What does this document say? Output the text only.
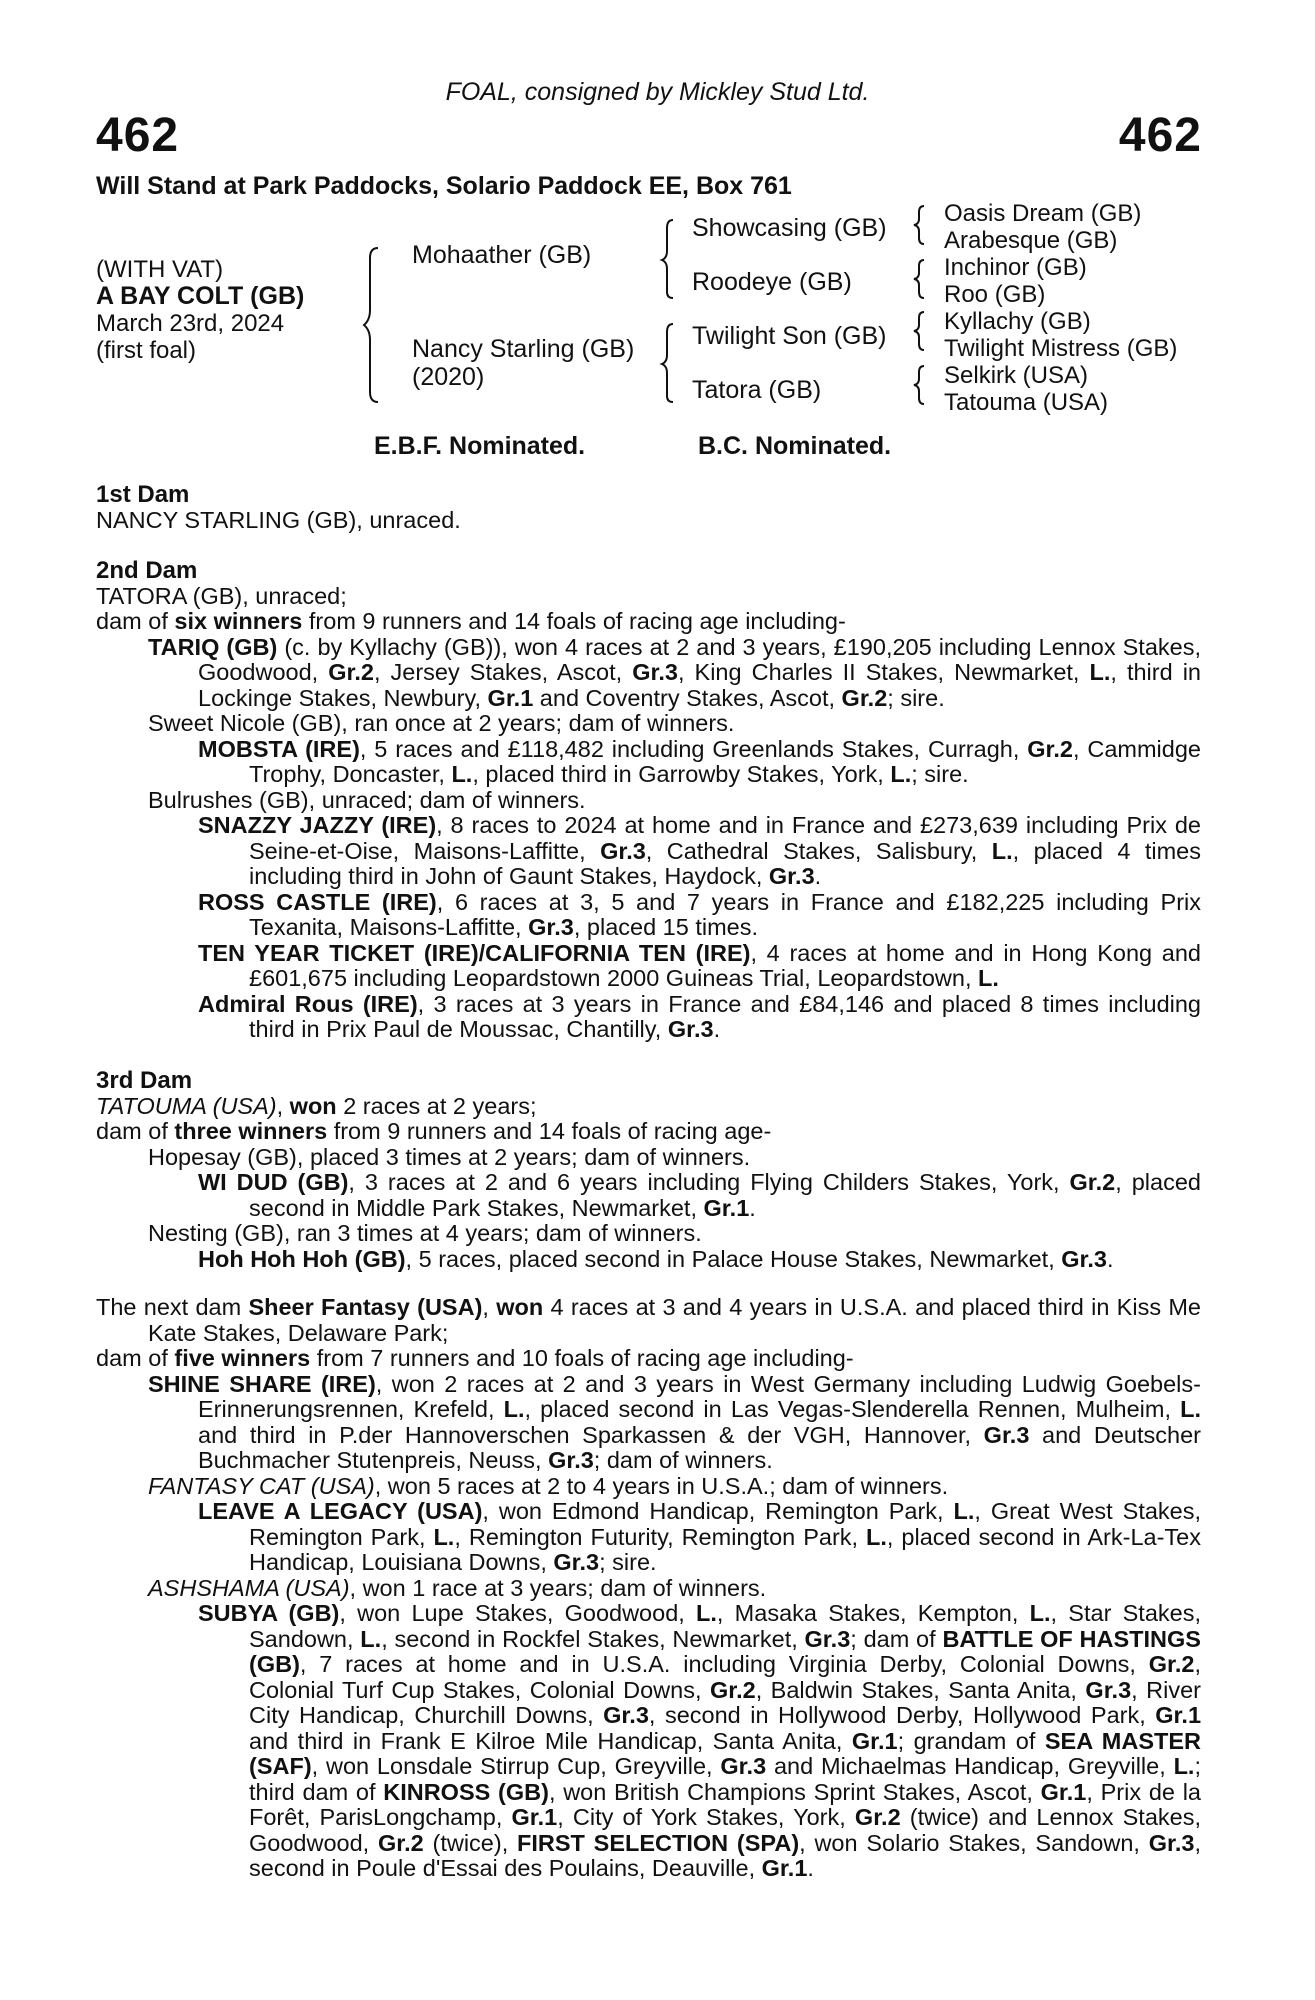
FOAL, consigned by Mickley Stud Ltd.
462	462
Will Stand at Park Paddocks, Solario Paddock EE, Box 761
(WITH VAT)
A BAY COLT (GB)
March 23rd, 2024
(first foal)
Mohaather (GB)
Nancy Starling (GB)
(2020)
Showcasing (GB)
Roodeye (GB)
Twilight Son (GB)
Tatora (GB)
Oasis Dream (GB)
Arabesque (GB)
Inchinor (GB)
Roo (GB)
Kyllachy (GB)
Twilight Mistress (GB)
Selkirk (USA)
Tatouma (USA)
E.B.F. Nominated.	B.C. Nominated.
1st Dam
NANCY STARLING (GB), unraced.
2nd Dam
TATORA (GB), unraced;
dam of six winners from 9 runners and 14 foals of racing age including-
TARIQ (GB) (c. by Kyllachy (GB)), won 4 races at 2 and 3 years, £190,205 including Lennox Stakes, Goodwood, Gr.2, Jersey Stakes, Ascot, Gr.3, King Charles II Stakes, Newmarket, L., third in Lockinge Stakes, Newbury, Gr.1 and Coventry Stakes, Ascot, Gr.2; sire.
Sweet Nicole (GB), ran once at 2 years; dam of winners.
MOBSTA (IRE), 5 races and £118,482 including Greenlands Stakes, Curragh, Gr.2, Cammidge Trophy, Doncaster, L., placed third in Garrowby Stakes, York, L.; sire.
Bulrushes (GB), unraced; dam of winners.
SNAZZY JAZZY (IRE), 8 races to 2024 at home and in France and £273,639 including Prix de Seine-et-Oise, Maisons-Laffitte, Gr.3, Cathedral Stakes, Salisbury, L., placed 4 times including third in John of Gaunt Stakes, Haydock, Gr.3.
ROSS CASTLE (IRE), 6 races at 3, 5 and 7 years in France and £182,225 including Prix Texanita, Maisons-Laffitte, Gr.3, placed 15 times.
TEN YEAR TICKET (IRE)/CALIFORNIA TEN (IRE), 4 races at home and in Hong Kong and £601,675 including Leopardstown 2000 Guineas Trial, Leopardstown, L.
Admiral Rous (IRE), 3 races at 3 years in France and £84,146 and placed 8 times including third in Prix Paul de Moussac, Chantilly, Gr.3.
3rd Dam
TATOUMA (USA), won 2 races at 2 years;
dam of three winners from 9 runners and 14 foals of racing age-
Hopesay (GB), placed 3 times at 2 years; dam of winners.
WI DUD (GB), 3 races at 2 and 6 years including Flying Childers Stakes, York, Gr.2, placed second in Middle Park Stakes, Newmarket, Gr.1.
Nesting (GB), ran 3 times at 4 years; dam of winners.
Hoh Hoh Hoh (GB), 5 races, placed second in Palace House Stakes, Newmarket, Gr.3.
The next dam Sheer Fantasy (USA), won 4 races at 3 and 4 years in U.S.A. and placed third in Kiss Me Kate Stakes, Delaware Park;
dam of five winners from 7 runners and 10 foals of racing age including-
SHINE SHARE (IRE), won 2 races at 2 and 3 years in West Germany including Ludwig Goebels-Erinnerungsrennen, Krefeld, L., placed second in Las Vegas-Slenderella Rennen, Mulheim, L. and third in P.der Hannoverschen Sparkassen & der VGH, Hannover, Gr.3 and Deutscher Buchmacher Stutenpreis, Neuss, Gr.3; dam of winners.
FANTASY CAT (USA), won 5 races at 2 to 4 years in U.S.A.; dam of winners.
LEAVE A LEGACY (USA), won Edmond Handicap, Remington Park, L., Great West Stakes, Remington Park, L., Remington Futurity, Remington Park, L., placed second in Ark-La-Tex Handicap, Louisiana Downs, Gr.3; sire.
ASHSHAMA (USA), won 1 race at 3 years; dam of winners.
SUBYA (GB), won Lupe Stakes, Goodwood, L., Masaka Stakes, Kempton, L., Star Stakes, Sandown, L., second in Rockfel Stakes, Newmarket, Gr.3; dam of BATTLE OF HASTINGS (GB), 7 races at home and in U.S.A. including Virginia Derby, Colonial Downs, Gr.2, Colonial Turf Cup Stakes, Colonial Downs, Gr.2, Baldwin Stakes, Santa Anita, Gr.3, River City Handicap, Churchill Downs, Gr.3, second in Hollywood Derby, Hollywood Park, Gr.1 and third in Frank E Kilroe Mile Handicap, Santa Anita, Gr.1; grandam of SEA MASTER (SAF), won Lonsdale Stirrup Cup, Greyville, Gr.3 and Michaelmas Handicap, Greyville, L.; third dam of KINROSS (GB), won British Champions Sprint Stakes, Ascot, Gr.1, Prix de la Forêt, ParisLongchamp, Gr.1, City of York Stakes, York, Gr.2 (twice) and Lennox Stakes, Goodwood, Gr.2 (twice), FIRST SELECTION (SPA), won Solario Stakes, Sandown, Gr.3, second in Poule d'Essai des Poulains, Deauville, Gr.1.
